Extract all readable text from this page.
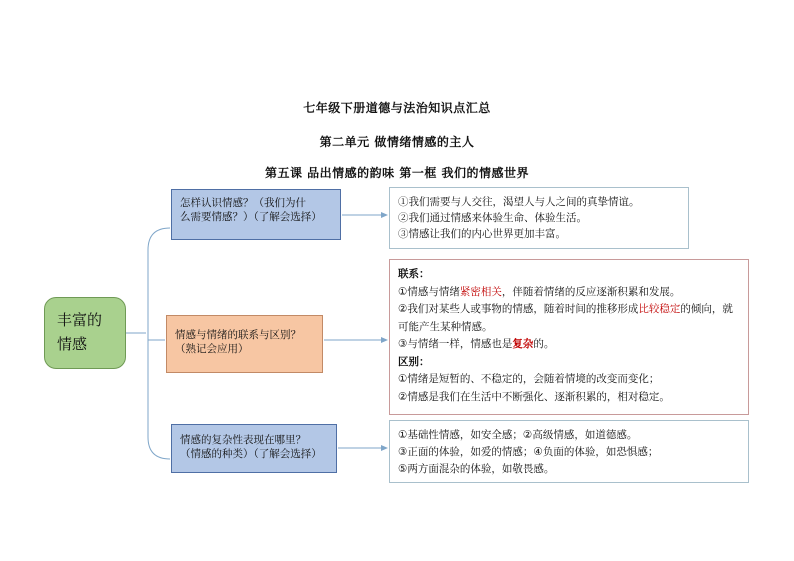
七年级下册道德与法治知识点汇总
第二单元 做情绪情感的主人
第五课 品出情感的韵味 第一框 我们的情感世界
丰富的
情感
怎样认识情感？（我们为什
么需要情感？）（了解会选择）
情感与情绪的联系与区别？
（熟记会应用）
情感的复杂性表现在哪里？
（情感的种类）（了解会选择）
①我们需要与人交往，渴望人与人之间的真挚情谊。
②我们通过情感来体验生命、体验生活。
③情感让我们的内心世界更加丰富。
联系：
①情感与情绪紧密相关，伴随着情绪的反应逐渐积累和发展。
②我们对某些人或事物的情感，随着时间的推移形成比较稳定的倾向，就可能产生某种情感。
③与情绪一样，情感也是复杂的。
区别：
①情绪是短暂的、不稳定的，会随着情境的改变而变化；
②情感是我们在生活中不断强化、逐渐积累的，相对稳定。
①基础性情感，如安全感；②高级情感，如道德感。
③正面的体验，如爱的情感；④负面的体验，如恐惧感；
⑤两方面混杂的体验，如敬畏感。
